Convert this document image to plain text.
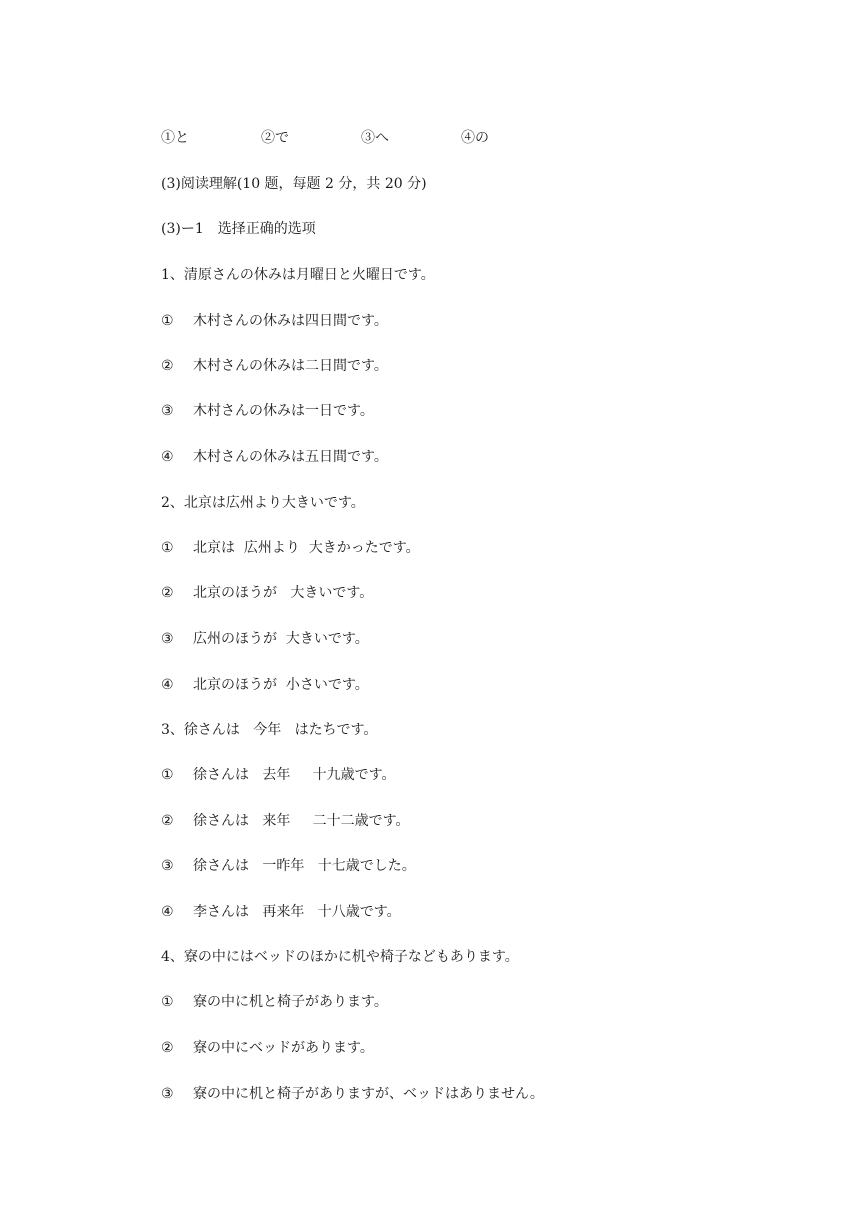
①と	②で	③へ	④の
(3)阅读理解(10 题，每题 2 分，共 20 分)
(3)ー1　选择正确的选项
1、清原さんの休みは月曜日と火曜日です。
① 木村さんの休みは四日間です。
② 木村さんの休みは二日間です。
③ 木村さんの休みは一日です。
④ 木村さんの休みは五日間です。
2、北京は広州より大きいです。
① 北京は  広州より  大きかったです。
② 北京のほうが   大きいです。
③ 広州のほうが  大きいです。
④ 北京のほうが  小さいです。
3、徐さんは   今年   はたちです。
① 徐さんは   去年     十九歳です。
② 徐さんは   来年     二十二歳です。
③ 徐さんは   一昨年   十七歳でした。
④ 李さんは   再来年   十八歳です。
4、寮の中にはベッドのほかに机や椅子などもあります。
① 寮の中に机と椅子があります。
② 寮の中にベッドがあります。
③ 寮の中に机と椅子がありますが、ベッドはありません。
